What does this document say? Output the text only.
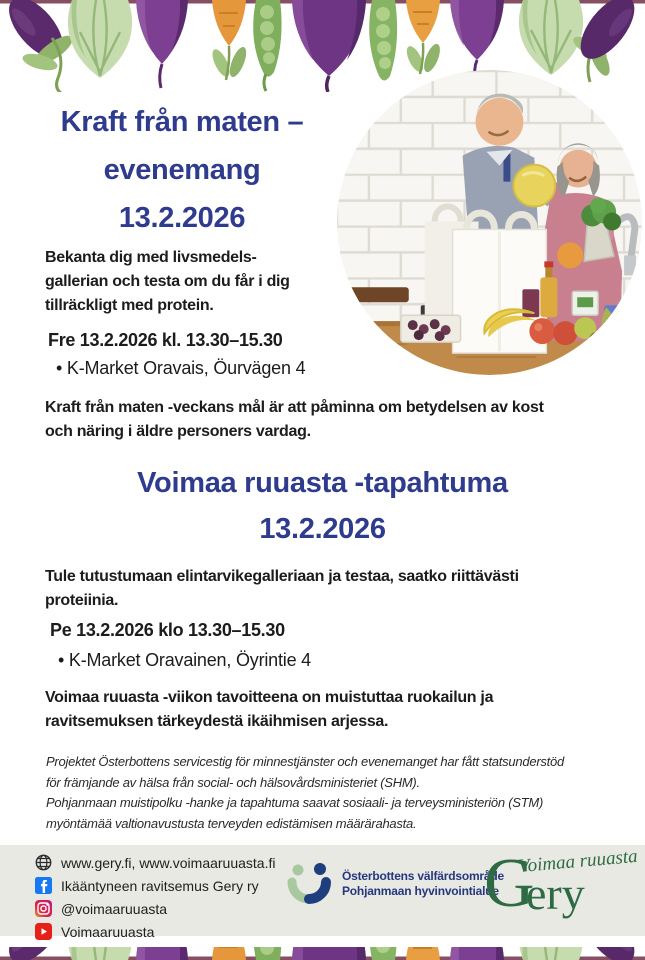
Kraft från maten –
evenemang
13.2.2026
Bekanta dig med livsmedels-
gallerian och testa om du får i dig
tillräckligt med protein.
Fre 13.2.2026 kl. 13.30–15.30
• K-Market Oravais, Öurvägen 4
Kraft från maten -veckans mål är att påminna om betydelsen av kost
och näring i äldre personers vardag.
Voimaa ruuasta -tapahtuma
13.2.2026
Tule tutustumaan elintarvikegalleriaan ja testaa, saatko riittävästi
proteiinia.
Pe 13.2.2026 klo 13.30–15.30
• K-Market Oravainen, Öyrintie 4
Voimaa ruuasta -viikon tavoitteena on muistuttaa ruokailun ja
ravitsemuksen tärkeydestä ikäihmisen arjessa.
Projektet Österbottens servicestig för minnestjänster och evenemanget har fått statsunderstöd
för främjande av hälsa från social- och hälsovårdsministeriet (SHM).
Pohjanmaan muistipolku -hanke ja tapahtuma saavat sosiaali- ja terveysministeriön (STM)
myöntämää valtionavustusta terveyden edistämisen määrärahasta.
www.gery.fi, www.voimaaruuasta.fi
Ikääntyneen ravitsemus Gery ry
@voimaaruuasta
Voimaaruuasta
Österbottens välfärdsområde
Pohjanmaan hyvinvointialue
G
ery
Voimaa ruuasta
